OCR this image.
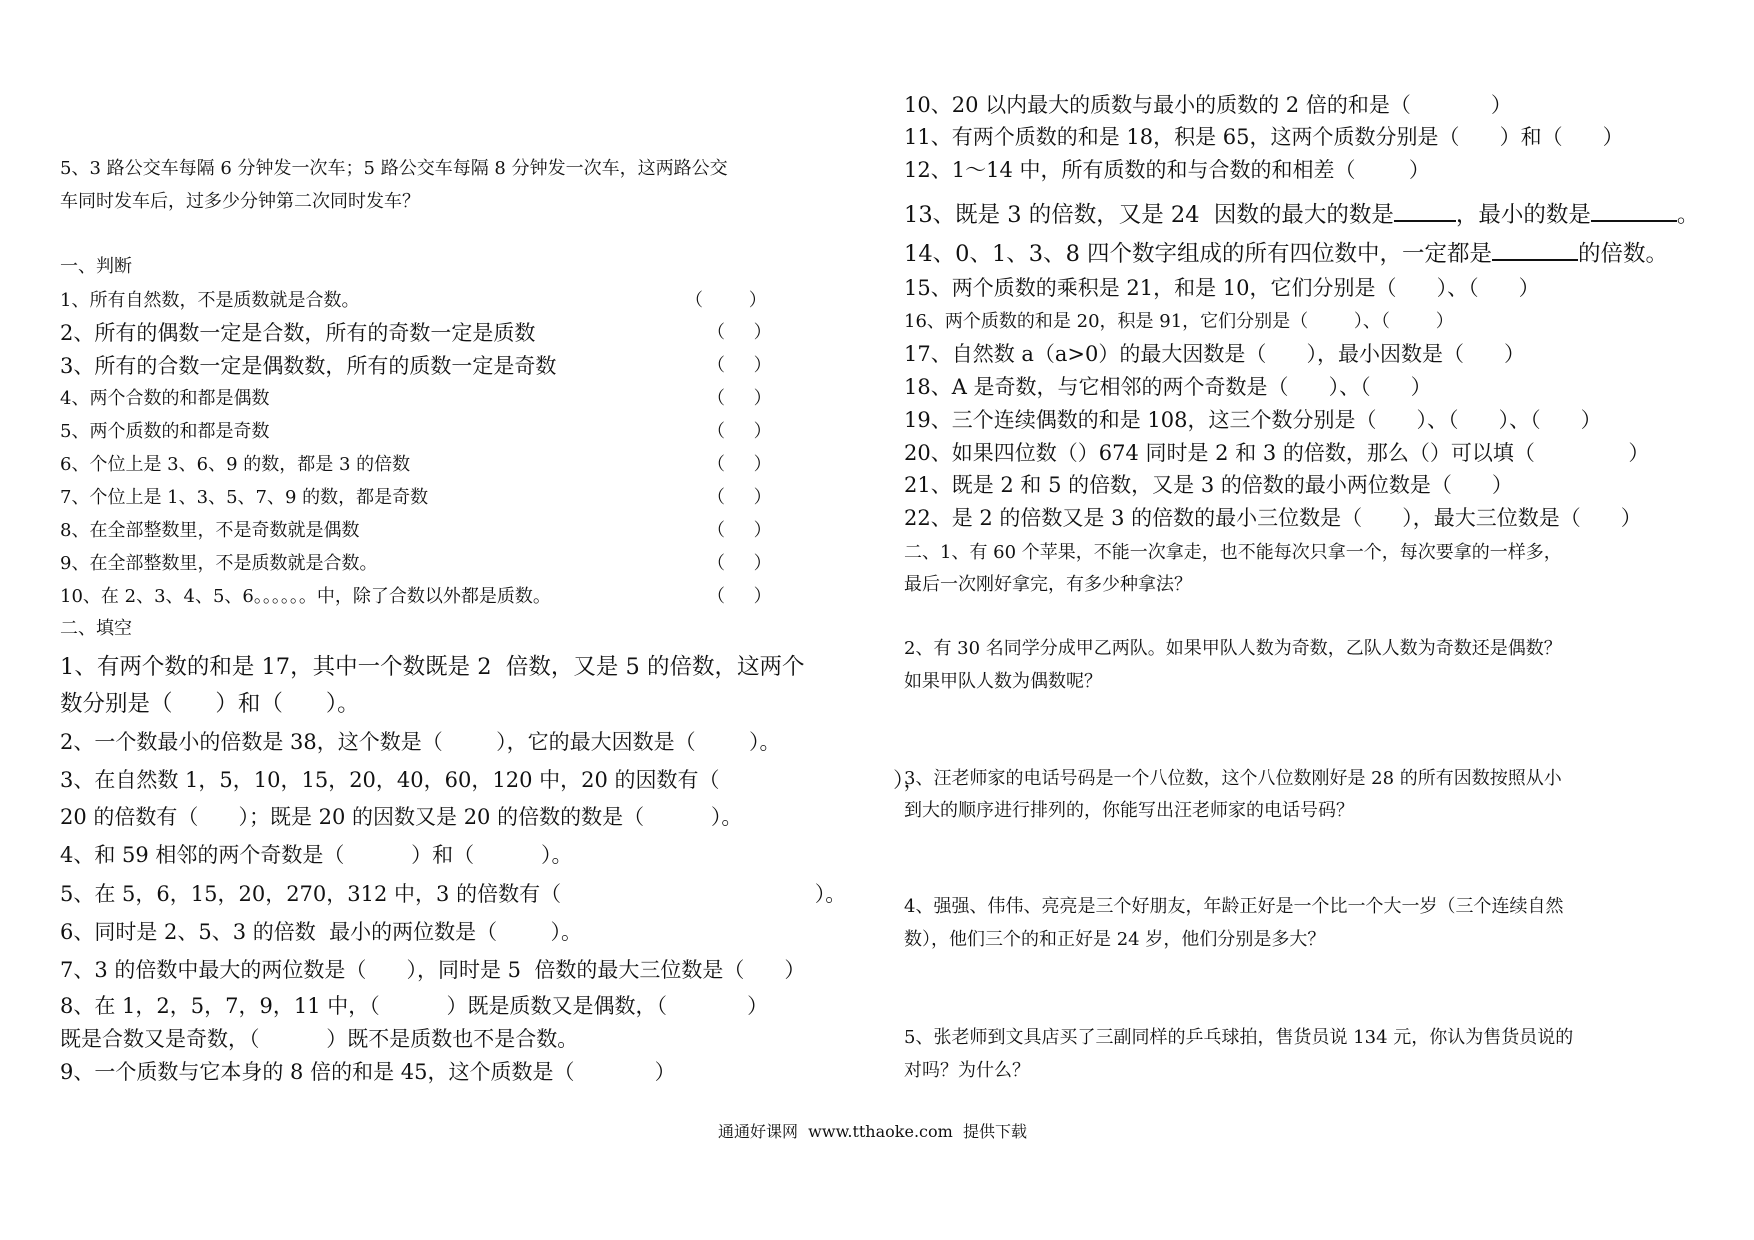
5、3 路公交车每隔 6 分钟发一次车；5 路公交车每隔 8 分钟发一次车，这两路公交
车同时发车后，过多少分钟第二次同时发车？
一、判断
1、所有自然数，不是质数就是合数。	（        ）
2、所有的偶数一定是合数，所有的奇数一定是质数	（     ）
3、所有的合数一定是偶数数，所有的质数一定是奇数	（     ）
4、两个合数的和都是偶数	（     ）
5、两个质数的和都是奇数	（     ）
6、个位上是 3、6、9 的数，都是 3 的倍数	（     ）
7、个位上是 1、3、5、7、9 的数，都是奇数	（     ）
8、在全部整数里，不是奇数就是偶数	（     ）
9、在全部整数里，不是质数就是合数。	（     ）
10、在 2、3、4、5、6。。。。。。中，除了合数以外都是质数。	（     ）
二、填空
1、有两个数的和是 17，其中一个数既是 2  倍数，又是 5 的倍数，这两个
数分别是（      ）和（      ）。
2、一个数最小的倍数是 38，这个数是（        ），它的最大因数是（        ）。
3、在自然数 1，5，10，15，20，40，60，120 中，20 的因数有（                          ），
20 的倍数有（      ）；既是 20 的因数又是 20 的倍数的数是（          ）。
4、和 59 相邻的两个奇数是（          ）和（          ）。
5、在 5，6，15，20，270，312 中，3 的倍数有（                                      ）。
6、同时是 2、5、3 的倍数  最小的两位数是（        ）。
7、3 的倍数中最大的两位数是（      ），同时是 5  倍数的最大三位数是（      ）
8、在 1，2，5，7，9，11 中，（          ）既是质数又是偶数，（            ）
既是合数又是奇数，（          ）既不是质数也不是合数。
9、一个质数与它本身的 8 倍的和是 45，这个质数是（            ）
10、20 以内最大的质数与最小的质数的 2 倍的和是（            ）
11、有两个质数的和是 18，积是 65，这两个质数分别是（      ）和（      ）
12、1～14 中，所有质数的和与合数的和相差（        ）
13、既是 3 的倍数，又是 24  因数的最大的数是	，最小的数是	。
14、0、1、3、8 四个数字组成的所有四位数中，一定都是	的倍数。
15、两个质数的乘积是 21，和是 10，它们分别是（      ）、（      ）
16、两个质数的和是 20，积是 91，它们分别是（        ）、（        ）
17、自然数 a（a>0）的最大因数是（      ），最小因数是（      ）
18、A 是奇数，与它相邻的两个奇数是（      ）、（      ）
19、三个连续偶数的和是 108，这三个数分别是（      ）、（      ）、（      ）
20、如果四位数（）674 同时是 2 和 3 的倍数，那么（）可以填（              ）
21、既是 2 和 5 的倍数，又是 3 的倍数的最小两位数是（      ）
22、是 2 的倍数又是 3 的倍数的最小三位数是（      ），最大三位数是（      ）
二、1、有 60 个苹果，不能一次拿走，也不能每次只拿一个，每次要拿的一样多，
最后一次刚好拿完，有多少种拿法？
2、有 30 名同学分成甲乙两队。如果甲队人数为奇数，乙队人数为奇数还是偶数？
如果甲队人数为偶数呢？
3、汪老师家的电话号码是一个八位数，这个八位数刚好是 28 的所有因数按照从小
到大的顺序进行排列的，你能写出汪老师家的电话号码？
4、强强、伟伟、亮亮是三个好朋友，年龄正好是一个比一个大一岁（三个连续自然
数），他们三个的和正好是 24 岁，他们分别是多大？
5、张老师到文具店买了三副同样的乒乓球拍，售货员说 134 元，你认为售货员说的
对吗？为什么？
通通好课网  www.tthaoke.com  提供下载
